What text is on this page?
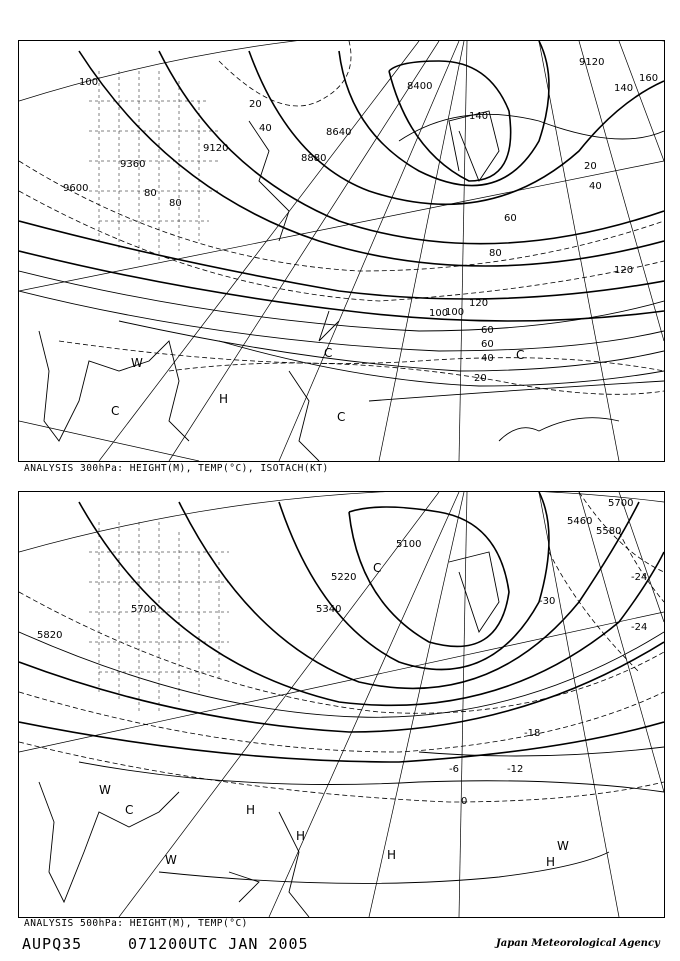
8400
8640
8880
9120
9120
9360
9600
20
40
60
80
100
120
140
160
140
100
80
60
40
20
20
40
60
80
100
120
H
C
C
C
C
W
ANALYSIS 300hPa: HEIGHT(M), TEMP(°C), ISOTACH(KT)
5100
5220
5340
5460
5580
5700
5820
5700
-24
-24
-30
-18
-12
-6
0
C
C	H
H
H	H
W
W
W
ANALYSIS 500hPa: HEIGHT(M), TEMP(°C)
AUPQ35	071200UTC JAN 2005	Japan Meteorological Agency
